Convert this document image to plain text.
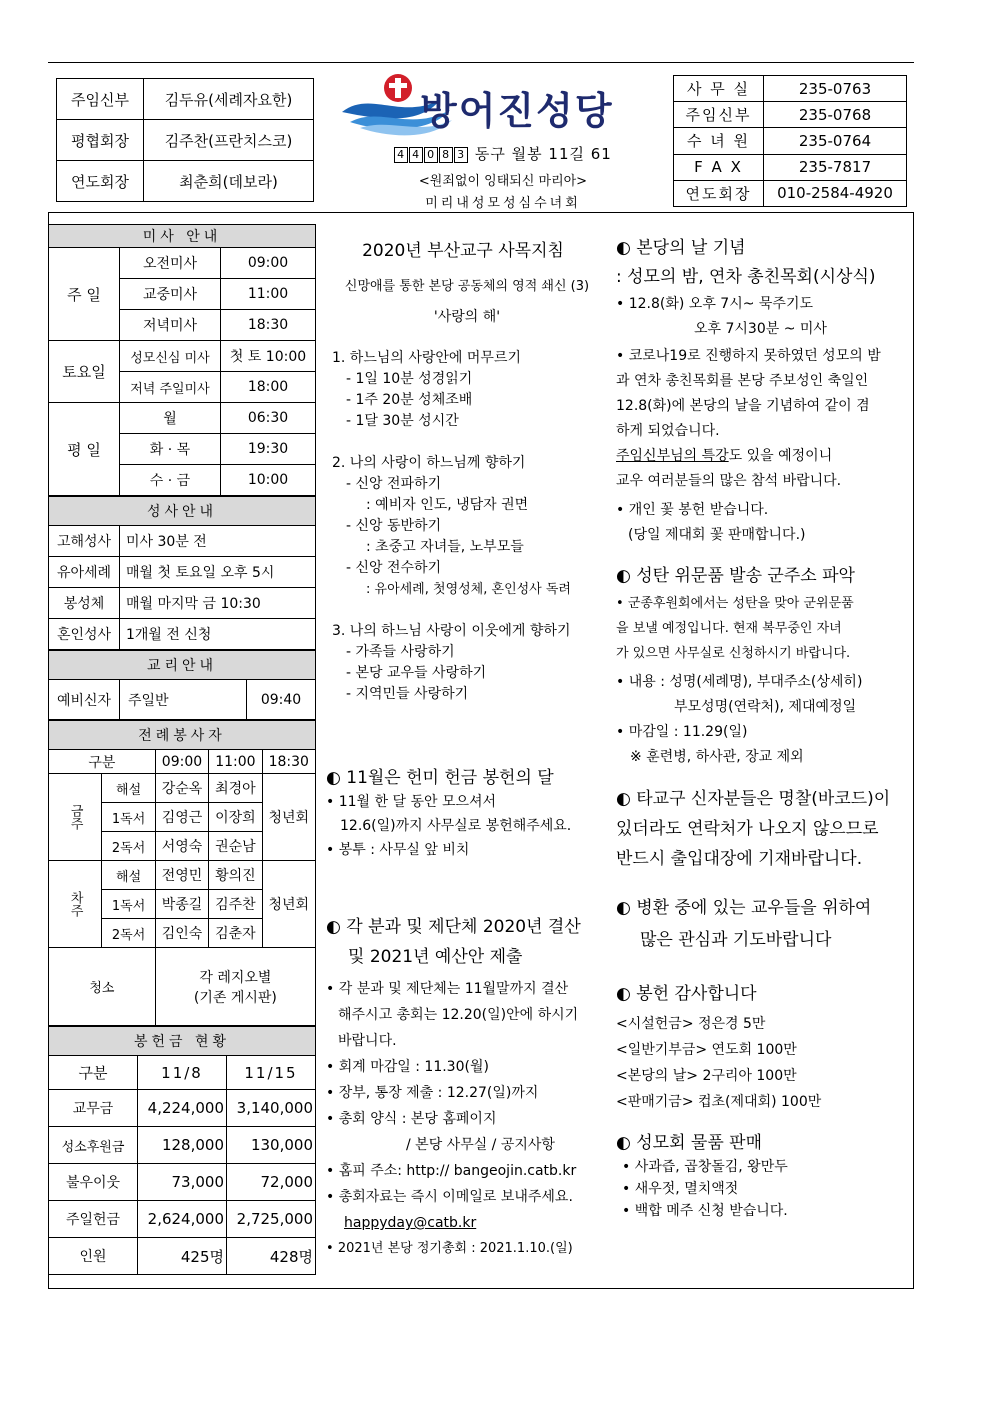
주임신부	김두유(세례자요한)
평협회장	김주찬(프란치스코)
연도회장	최춘희(데보라)
방어진성당
4 4 0 8 3 동구 월봉 11길 61
<원죄없이 잉태되신 마리아>
미리내성모성심수녀회
사 무 실	235-0763
주임신부	235-0768
수 녀 원	235-0764
F A X	235-7817
연도회장	010-2584-4920
미사 안내		
주 일	오전미사	09:00
	교중미사	11:00
	저녁미사	18:30
토요일	성모신심 미사	첫 토 10:00
	저녁 주일미사	18:00
평 일	월	06:30
	화 · 목	19:30
	수 · 금	10:00
성사안내	
고해성사	미사 30분 전
유아세례	매월 첫 토요일 오후 5시
봉성체	매월 마지막 금 10:30
혼인성사	1개월 전 신청
교리안내
예비신자	주일반	09:40
전례봉사자				
구분		09:00	11:00	18:30
금주	해설	강순옥	최경아	청년회
	1독서	김영근	이장희	
	2독서	서영숙	권순남	
차주	해설	전영민	황의진	청년회
	1독서	박종길	김주찬	
	2독서	김인숙	김춘자	
청소		각 레지오별
(기존 게시판)		
봉헌금 현황		
구분	11/8	11/15
교무금	4,224,000	3,140,000
성소후원금	128,000	130,000
불우이웃	73,000	72,000
주일헌금	2,624,000	2,725,000
인원	425명	428명

2020년 부산교구 사목지침

신망애를 통한 본당 공동체의 영적 쇄신 (3)

'사랑의 해'

1. 하느님의 사랑안에 머무르기
- 1일 10분 성경읽기
- 1주 20분 성체조배
- 1달 30분 성시간
2. 나의 사랑이 하느님께 향하기
- 신앙 전파하기
: 예비자 인도, 냉담자 권면
- 신앙 동반하기
: 초중고 자녀들, 노부모들
- 신앙 전수하기
: 유아세례, 첫영성체, 혼인성사 독려
3. 나의 하느님 사랑이 이웃에게 향하기
- 가족들 사랑하기
- 본당 교우들 사랑하기
- 지역민들 사랑하기

◐ 11월은 헌미 헌금 봉헌의 달

• 11월 한 달 동안 모으셔서

12.6(일)까지 사무실로 봉헌해주세요.

• 봉투 : 사무실 앞 비치

◐ 각 분과 및 제단체 2020년 결산

및 2021년 예산안 제출

• 각 분과 및 제단체는 11월말까지 결산

해주시고 총회는 12.20(일)안에 하시기

바랍니다.

• 회계 마감일 : 11.30(월)

• 장부, 통장 제출 : 12.27(일)까지

• 총회 양식 : 본당 홈페이지

/ 본당 사무실 / 공지사항

• 홈피 주소: http:// bangeojin.catb.kr

• 총회자료는 즉시 이메일로 보내주세요.

happyday@catb.kr

• 2021년 본당 정기총회 : 2021.1.10.(일)

◐ 본당의 날 기념

: 성모의 밤, 연차 총친목회(시상식)

• 12.8(화) 오후 7시~ 묵주기도

오후 7시30분 ~ 미사

• 코로나19로 진행하지 못하였던 성모의 밤

과 연차 총친목회를 본당 주보성인 축일인

12.8(화)에 본당의 날을 기념하여 같이 겸

하게 되었습니다.

주임신부님의 특강도 있을 예정이니

교우 여러분들의 많은 참석 바랍니다.

• 개인 꽃 봉헌 받습니다.

(당일 제대회 꽃 판매합니다.)

◐ 성탄 위문품 발송 군주소 파악

• 군종후원회에서는 성탄을 맞아 군위문품

을 보낼 예정입니다. 현재 복무중인 자녀

가 있으면 사무실로 신청하시기 바랍니다.

• 내용 : 성명(세례명), 부대주소(상세히)

부모성명(연락처), 제대예정일

• 마감일 : 11.29(일)

※ 훈련병, 하사관, 장교 제외

◐ 타교구 신자분들은 명찰(바코드)이

있더라도 연락처가 나오지 않으므로

반드시 출입대장에 기재바랍니다.

◐ 병환 중에 있는 교우들을 위하여

많은 관심과 기도바랍니다

◐ 봉헌 감사합니다

<시설헌금> 정은경 5만

<일반기부금> 연도회 100만

<본당의 날> 2구리아 100만

<판매기금> 컵초(제대회) 100만

◐ 성모회 물품 판매

• 사과즙, 곱창돌김, 왕만두

• 새우젓, 멸치액젓

• 백합 메주 신청 받습니다.
